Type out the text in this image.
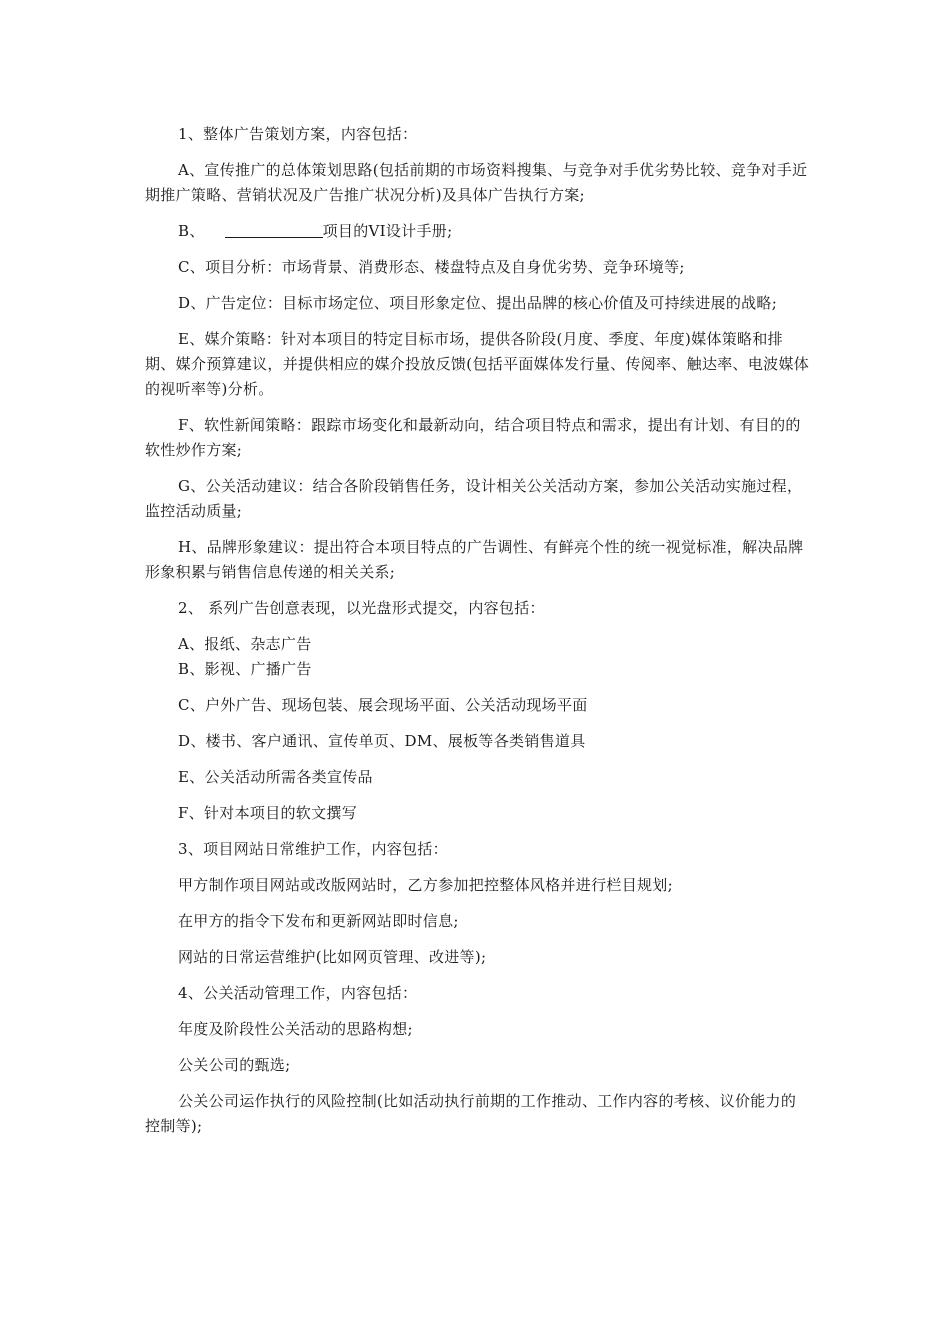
1、整体广告策划方案，内容包括：

A、宣传推广的总体策划思路(包括前期的市场资料搜集、与竞争对手优劣势比较、竞争对手近期推广策略、营销状况及广告推广状况分析)及具体广告执行方案;

B、	项目的VI设计手册;

C、项目分析：市场背景、消费形态、楼盘特点及自身优劣势、竞争环境等;

D、广告定位：目标市场定位、项目形象定位、提出品牌的核心价值及可持续进展的战略;

E、媒介策略：针对本项目的特定目标市场，提供各阶段(月度、季度、年度)媒体策略和排期、媒介预算建议，并提供相应的媒介投放反馈(包括平面媒体发行量、传阅率、触达率、电波媒体的视听率等)分析。

F、软性新闻策略：跟踪市场变化和最新动向，结合项目特点和需求，提出有计划、有目的的软性炒作方案;

G、公关活动建议：结合各阶段销售任务，设计相关公关活动方案，参加公关活动实施过程，监控活动质量;

H、品牌形象建议：提出符合本项目特点的广告调性、有鲜亮个性的统一视觉标准，解决品牌形象积累与销售信息传递的相关关系;

2、 系列广告创意表现，以光盘形式提交，内容包括：

A、报纸、杂志广告

B、影视、广播广告

C、户外广告、现场包装、展会现场平面、公关活动现场平面

D、楼书、客户通讯、宣传单页、DM、展板等各类销售道具

E、公关活动所需各类宣传品

F、针对本项目的软文撰写

3、项目网站日常维护工作，内容包括：

甲方制作项目网站或改版网站时，乙方参加把控整体风格并进行栏目规划;

在甲方的指令下发布和更新网站即时信息;

网站的日常运营维护(比如网页管理、改进等);

4、公关活动管理工作，内容包括：

年度及阶段性公关活动的思路构想;

公关公司的甄选;

公关公司运作执行的风险控制(比如活动执行前期的工作推动、工作内容的考核、议价能力的控制等);
